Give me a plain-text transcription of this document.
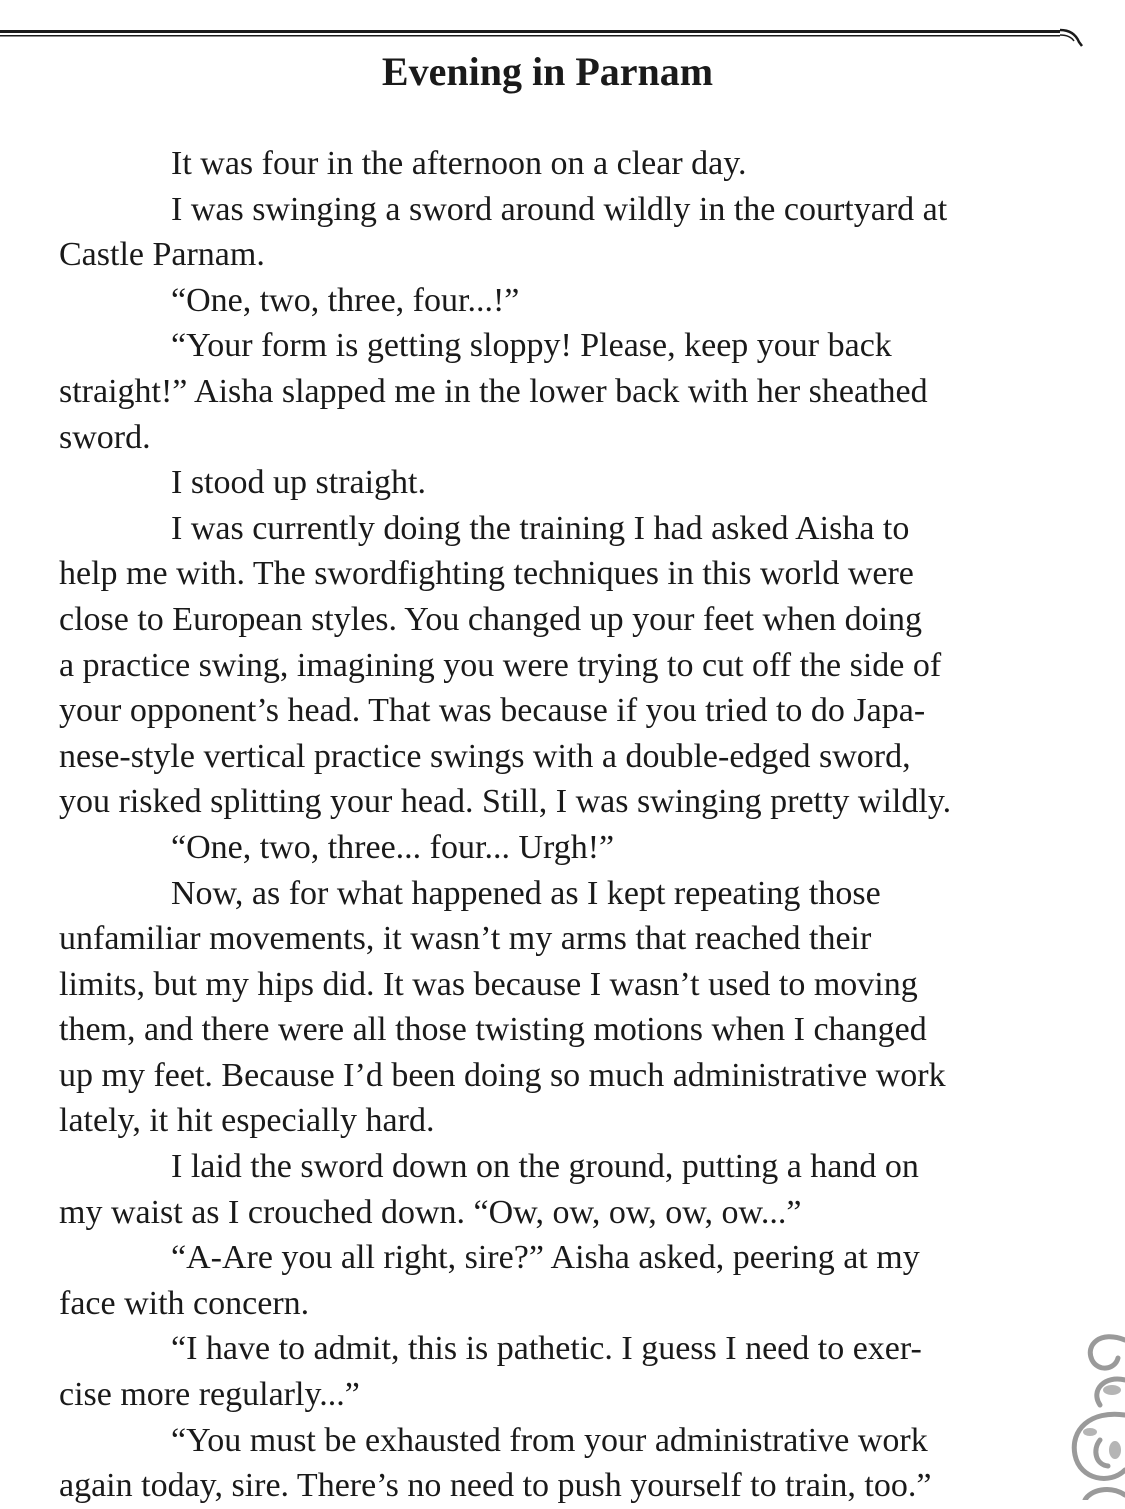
Evening in Parnam

It was four in the afternoon on a clear day.

I was swinging a sword around wildly in the courtyard at
Castle Parnam.

“One, two, three, four...!”

“Your form is getting sloppy! Please, keep your back
straight!” Aisha slapped me in the lower back with her sheathed
sword.

I stood up straight.

I was currently doing the training I had asked Aisha to
help me with. The swordfighting techniques in this world were
close to European styles. You changed up your feet when doing
a practice swing, imagining you were trying to cut off the side of
your opponent’s head. That was because if you tried to do Japa-
nese-style vertical practice swings with a double-edged sword,
you risked splitting your head. Still, I was swinging pretty wildly.

“One, two, three... four... Urgh!”

Now, as for what happened as I kept repeating those
unfamiliar movements, it wasn’t my arms that reached their
limits, but my hips did. It was because I wasn’t used to moving
them, and there were all those twisting motions when I changed
up my feet. Because I’d been doing so much administrative work
lately, it hit especially hard.

I laid the sword down on the ground, putting a hand on
my waist as I crouched down. “Ow, ow, ow, ow, ow...”

“A-Are you all right, sire?” Aisha asked, peering at my
face with concern.

“I have to admit, this is pathetic. I guess I need to exer-
cise more regularly...”

“You must be exhausted from your administrative work
again today, sire. There’s no need to push yourself to train, too.”
